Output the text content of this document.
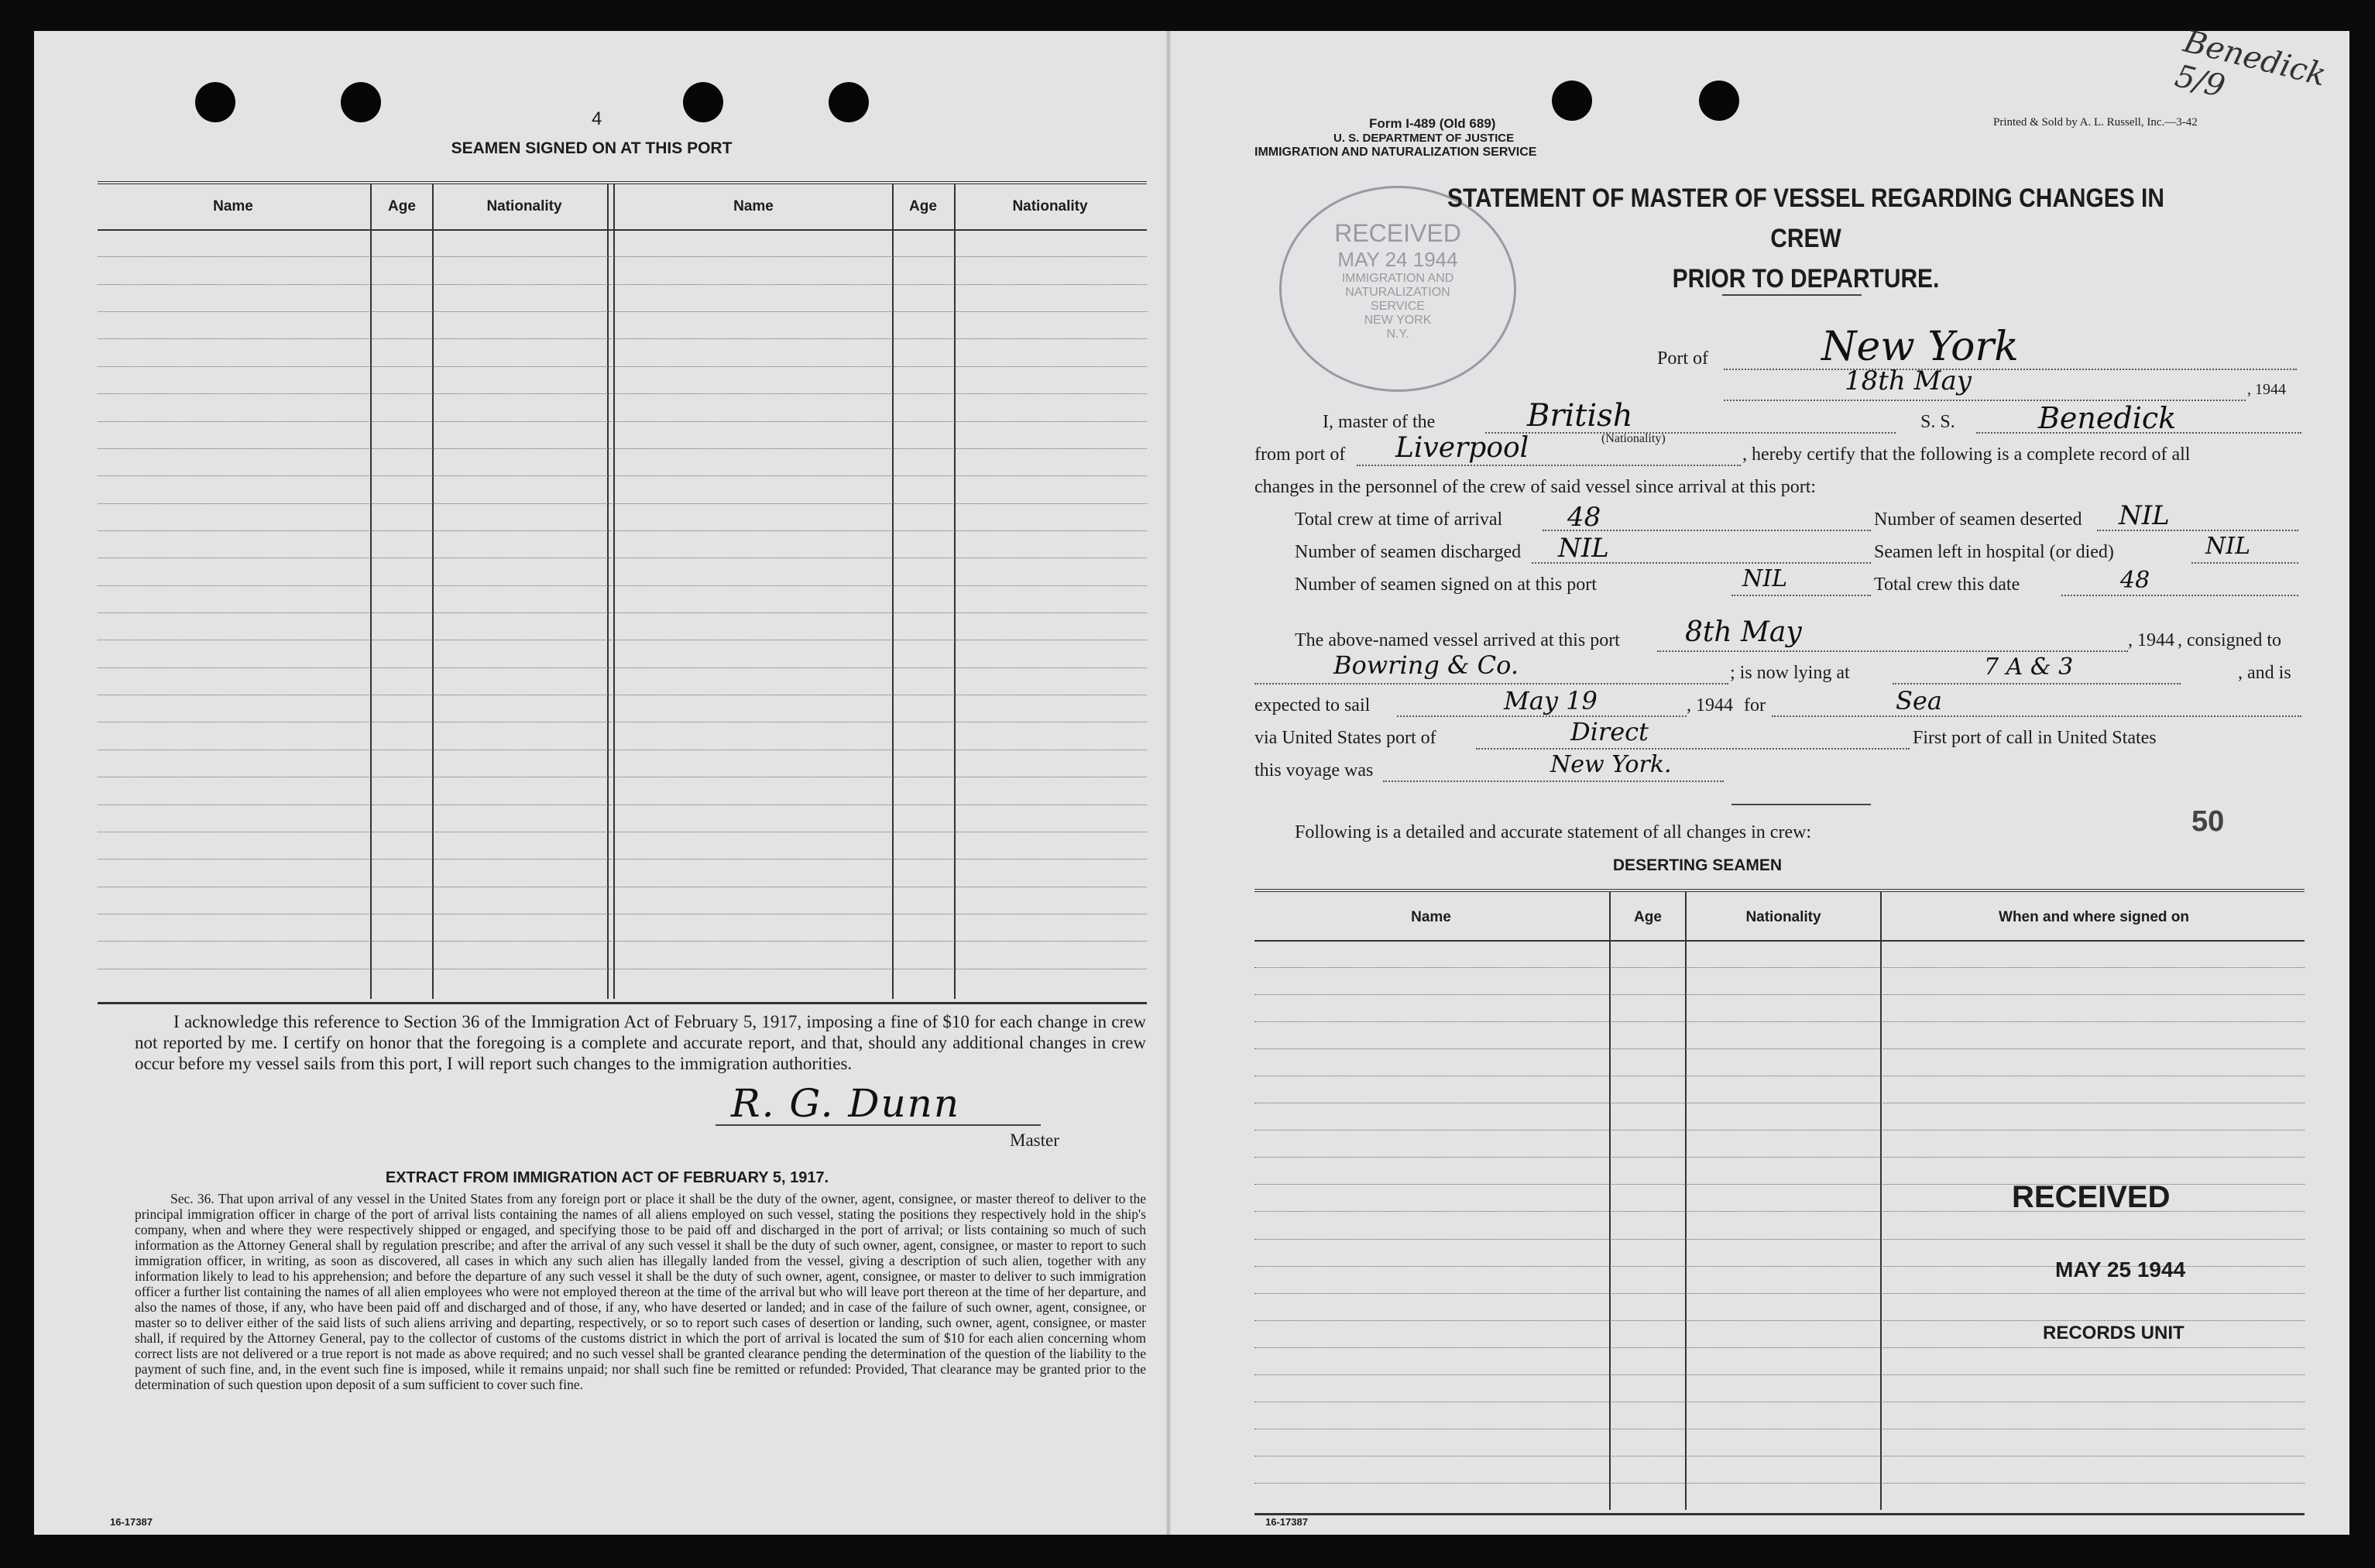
4
SEAMEN SIGNED ON AT THIS PORT
Name	Age	Nationality	Name	Age	Nationality
I acknowledge this reference to Section 36 of the Immigration Act of February 5, 1917, imposing a fine of $10 for each change in crew not reported by me. I certify on honor that the foregoing is a complete and accurate report, and that, should any additional changes in crew occur before my vessel sails from this port, I will report such changes to the immigration authorities.
R. G. Dunn
Master
EXTRACT FROM IMMIGRATION ACT OF FEBRUARY 5, 1917.
Sec. 36. That upon arrival of any vessel in the United States from any foreign port or place it shall be the duty of the owner, agent, consignee, or master thereof to deliver to the principal immigration officer in charge of the port of arrival lists containing the names of all aliens employed on such vessel, stating the positions they respectively hold in the ship's company, when and where they were respectively shipped or engaged, and specifying those to be paid off and discharged in the port of arrival; or lists containing so much of such information as the Attorney General shall by regulation prescribe; and after the arrival of any such vessel it shall be the duty of such owner, agent, consignee, or master to report to such immigration officer, in writing, as soon as discovered, all cases in which any such alien has illegally landed from the vessel, giving a description of such alien, together with any information likely to lead to his apprehension; and before the departure of any such vessel it shall be the duty of such owner, agent, consignee, or master to deliver to such immigration officer a further list containing the names of all alien employees who were not employed thereon at the time of the arrival but who will leave port thereon at the time of her departure, and also the names of those, if any, who have been paid off and discharged and of those, if any, who have deserted or landed; and in case of the failure of such owner, agent, consignee, or master so to deliver either of the said lists of such aliens arriving and departing, respectively, or so to report such cases of desertion or landing, such owner, agent, consignee, or master shall, if required by the Attorney General, pay to the collector of customs of the customs district in which the port of arrival is located the sum of $10 for each alien concerning whom correct lists are not delivered or a true report is not made as above required; and no such vessel shall be granted clearance pending the determination of the question of the liability to the payment of such fine, and, in the event such fine is imposed, while it remains unpaid; nor shall such fine be remitted or refunded: Provided, That clearance may be granted prior to the determination of such question upon deposit of a sum sufficient to cover such fine.
16-17387
Form I-489 (Old 689)
U. S. DEPARTMENT OF JUSTICE
IMMIGRATION AND NATURALIZATION SERVICE
Printed & Sold by A. L. Russell, Inc.—3-42
Benedick 5/9
RECEIVED
MAY 24 1944
IMMIGRATION AND
NATURALIZATION
SERVICE
NEW YORK
N.Y.
STATEMENT OF MASTER OF VESSEL REGARDING CHANGES IN CREW
PRIOR TO DEPARTURE.
Port of	New York
18th May	, 1944
I, master of the	British	S. S.	Benedick
from port of Liverpool	(Nationality)
, hereby certify that the following is a complete record of all
changes in the personnel of the crew of said vessel since arrival at this port:
Total crew at time of arrival 48	Number of seamen deserted NIL
Number of seamen discharged NIL	Seamen left in hospital (or died)	NIL
Number of seamen signed on at this port	NIL	Total crew this date	48
The above-named vessel arrived at this port 8th May	, 1944 , consigned to
Bowring & Co.	; is now lying at	7 A & 3	, and is
expected to sail	May 19	, 1944 for	Sea
via United States port of	Direct	First port of call in United States
this voyage was	New York.
50
Following is a detailed and accurate statement of all changes in crew:
DESERTING SEAMEN
Name	Age	Nationality	When and where signed on
RECEIVED
MAY 25 1944
RECORDS UNIT
16-17387
